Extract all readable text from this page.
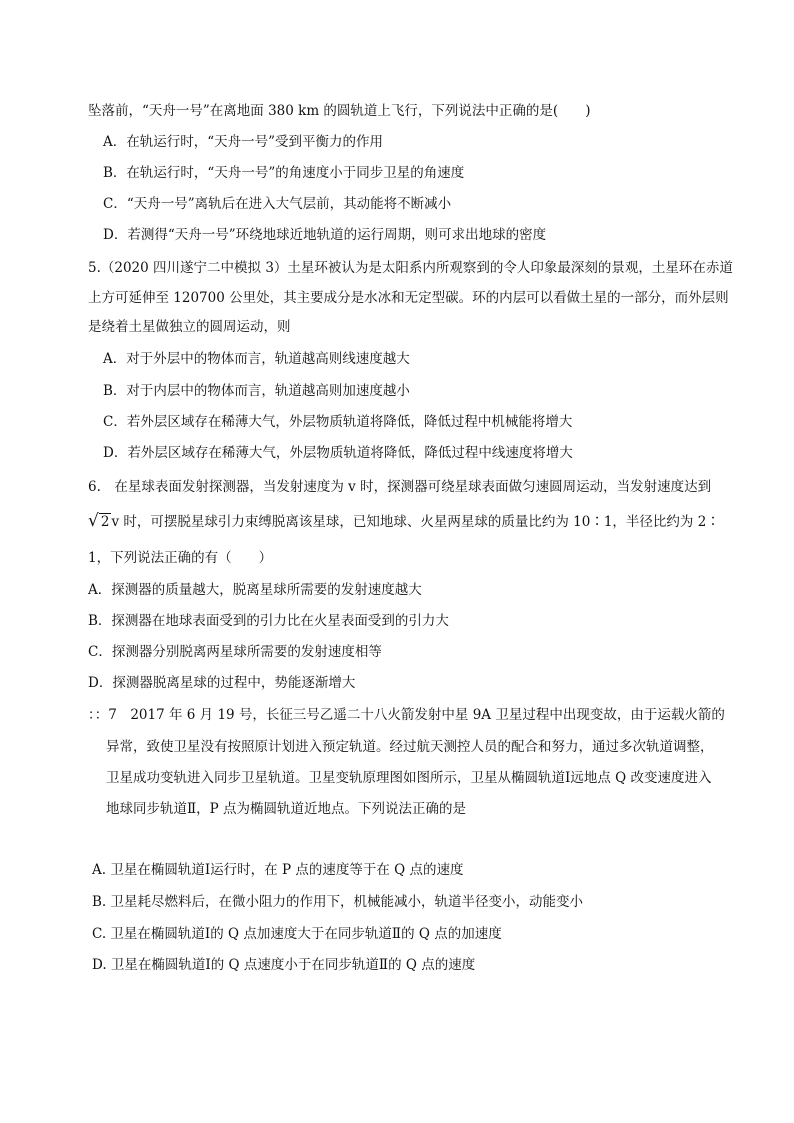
坠落前，“天舟一号”在离地面 380 km 的圆轨道上飞行，下列说法中正确的是(　　)
A．在轨运行时，“天舟一号”受到平衡力的作用
B．在轨运行时，“天舟一号”的角速度小于同步卫星的角速度
C．“天舟一号”离轨后在进入大气层前，其动能将不断减小
D．若测得“天舟一号”环绕地球近地轨道的运行周期，则可求出地球的密度
5.（2020 四川遂宁二中模拟 3）土星环被认为是太阳系内所观察到的令人印象最深刻的景观，土星环在赤道
上方可延伸至 120700 公里处，其主要成分是水冰和无定型碳。环的内层可以看做土星的一部分，而外层则
是绕着土星做独立的圆周运动，则
A．对于外层中的物体而言，轨道越高则线速度越大
B．对于内层中的物体而言，轨道越高则加速度越小
C．若外层区域存在稀薄大气，外层物质轨道将降低，降低过程中机械能将增大
D．若外层区域存在稀薄大气，外层物质轨道将降低，降低过程中线速度将增大
6.　在星球表面发射探测器，当发射速度为 v 时，探测器可绕星球表面做匀速圆周运动，当发射速度达到
√ 2 v 时，可摆脱星球引力束缚脱离该星球，已知地球、火星两星球的质量比约为 10∶1，半径比约为 2∶
1，下列说法正确的有（　　）
A．探测器的质量越大，脱离星球所需要的发射速度越大
B．探测器在地球表面受到的引力比在火星表面受到的引力大
C．探测器分别脱离两星球所需要的发射速度相等
D．探测器脱离星球的过程中，势能逐渐增大
：：7　2017 年 6 月 19 号，长征三号乙遥二十八火箭发射中星 9A 卫星过程中出现变故，由于运载火箭的
异常，致使卫星没有按照原计划进入预定轨道。经过航天测控人员的配合和努力，通过多次轨道调整，
卫星成功变轨进入同步卫星轨道。卫星变轨原理图如图所示，卫星从椭圆轨道Ⅰ远地点 Q 改变速度进入
地球同步轨道Ⅱ，P 点为椭圆轨道近地点。下列说法正确的是
A. 卫星在椭圆轨道Ⅰ运行时，在 P 点的速度等于在 Q 点的速度
B. 卫星耗尽燃料后，在微小阻力的作用下，机械能减小，轨道半径变小，动能变小
C. 卫星在椭圆轨道Ⅰ的 Q 点加速度大于在同步轨道Ⅱ的 Q 点的加速度
D. 卫星在椭圆轨道Ⅰ的 Q 点速度小于在同步轨道Ⅱ的 Q 点的速度
